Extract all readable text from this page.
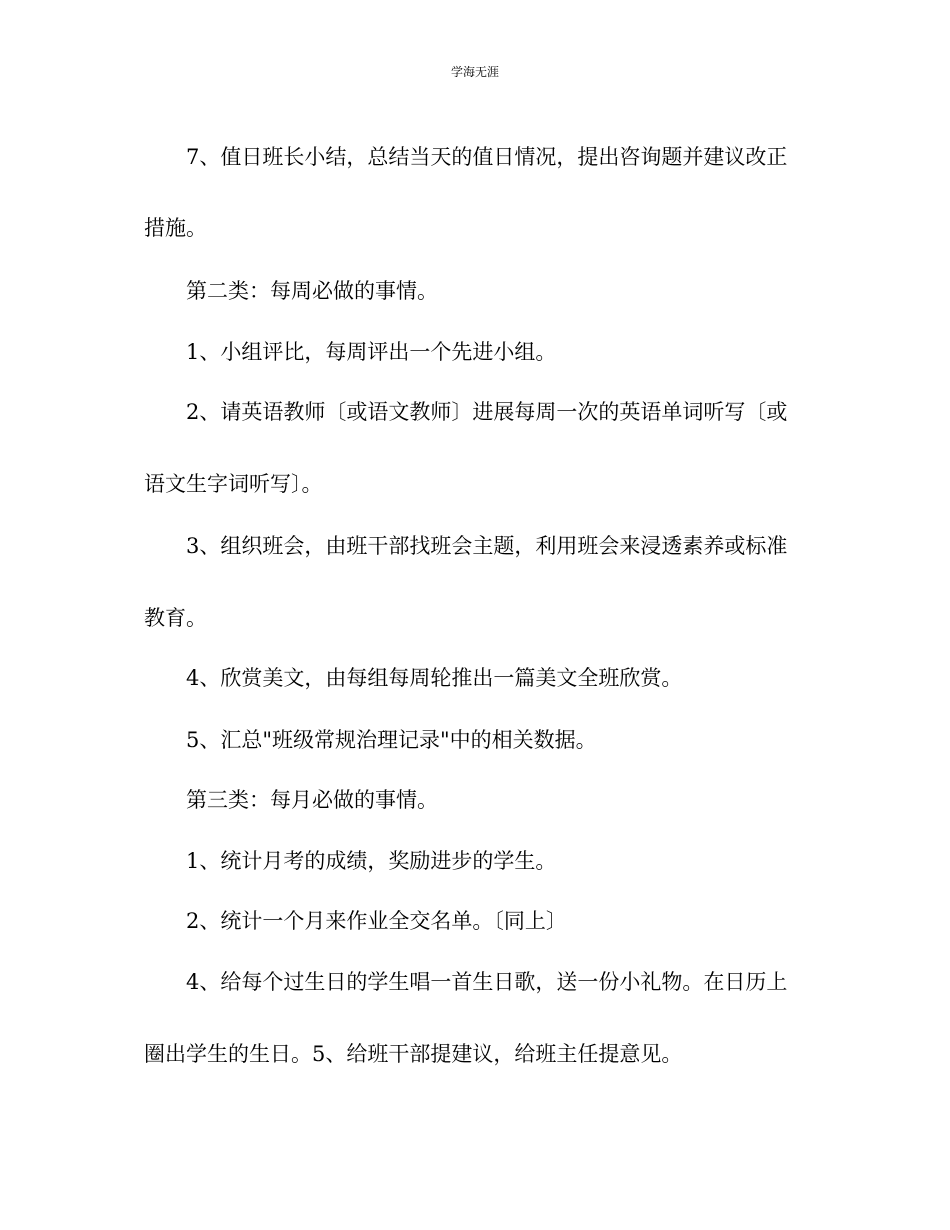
学海无涯

7、值日班长小结，总结当天的值日情况，提出咨询题并建议改正

措施。

第二类：每周必做的事情。

1、小组评比，每周评出一个先进小组。

2、请英语教师〔或语文教师〕进展每周一次的英语单词听写〔或

语文生字词听写〕。

3、组织班会，由班干部找班会主题，利用班会来浸透素养或标准

教育。

4、欣赏美文，由每组每周轮推出一篇美文全班欣赏。

5、汇总"班级常规治理记录"中的相关数据。

第三类：每月必做的事情。

1、统计月考的成绩，奖励进步的学生。

2、统计一个月来作业全交名单。〔同上〕

4、给每个过生日的学生唱一首生日歌，送一份小礼物。在日历上

圈出学生的生日。5、给班干部提建议，给班主任提意见。
